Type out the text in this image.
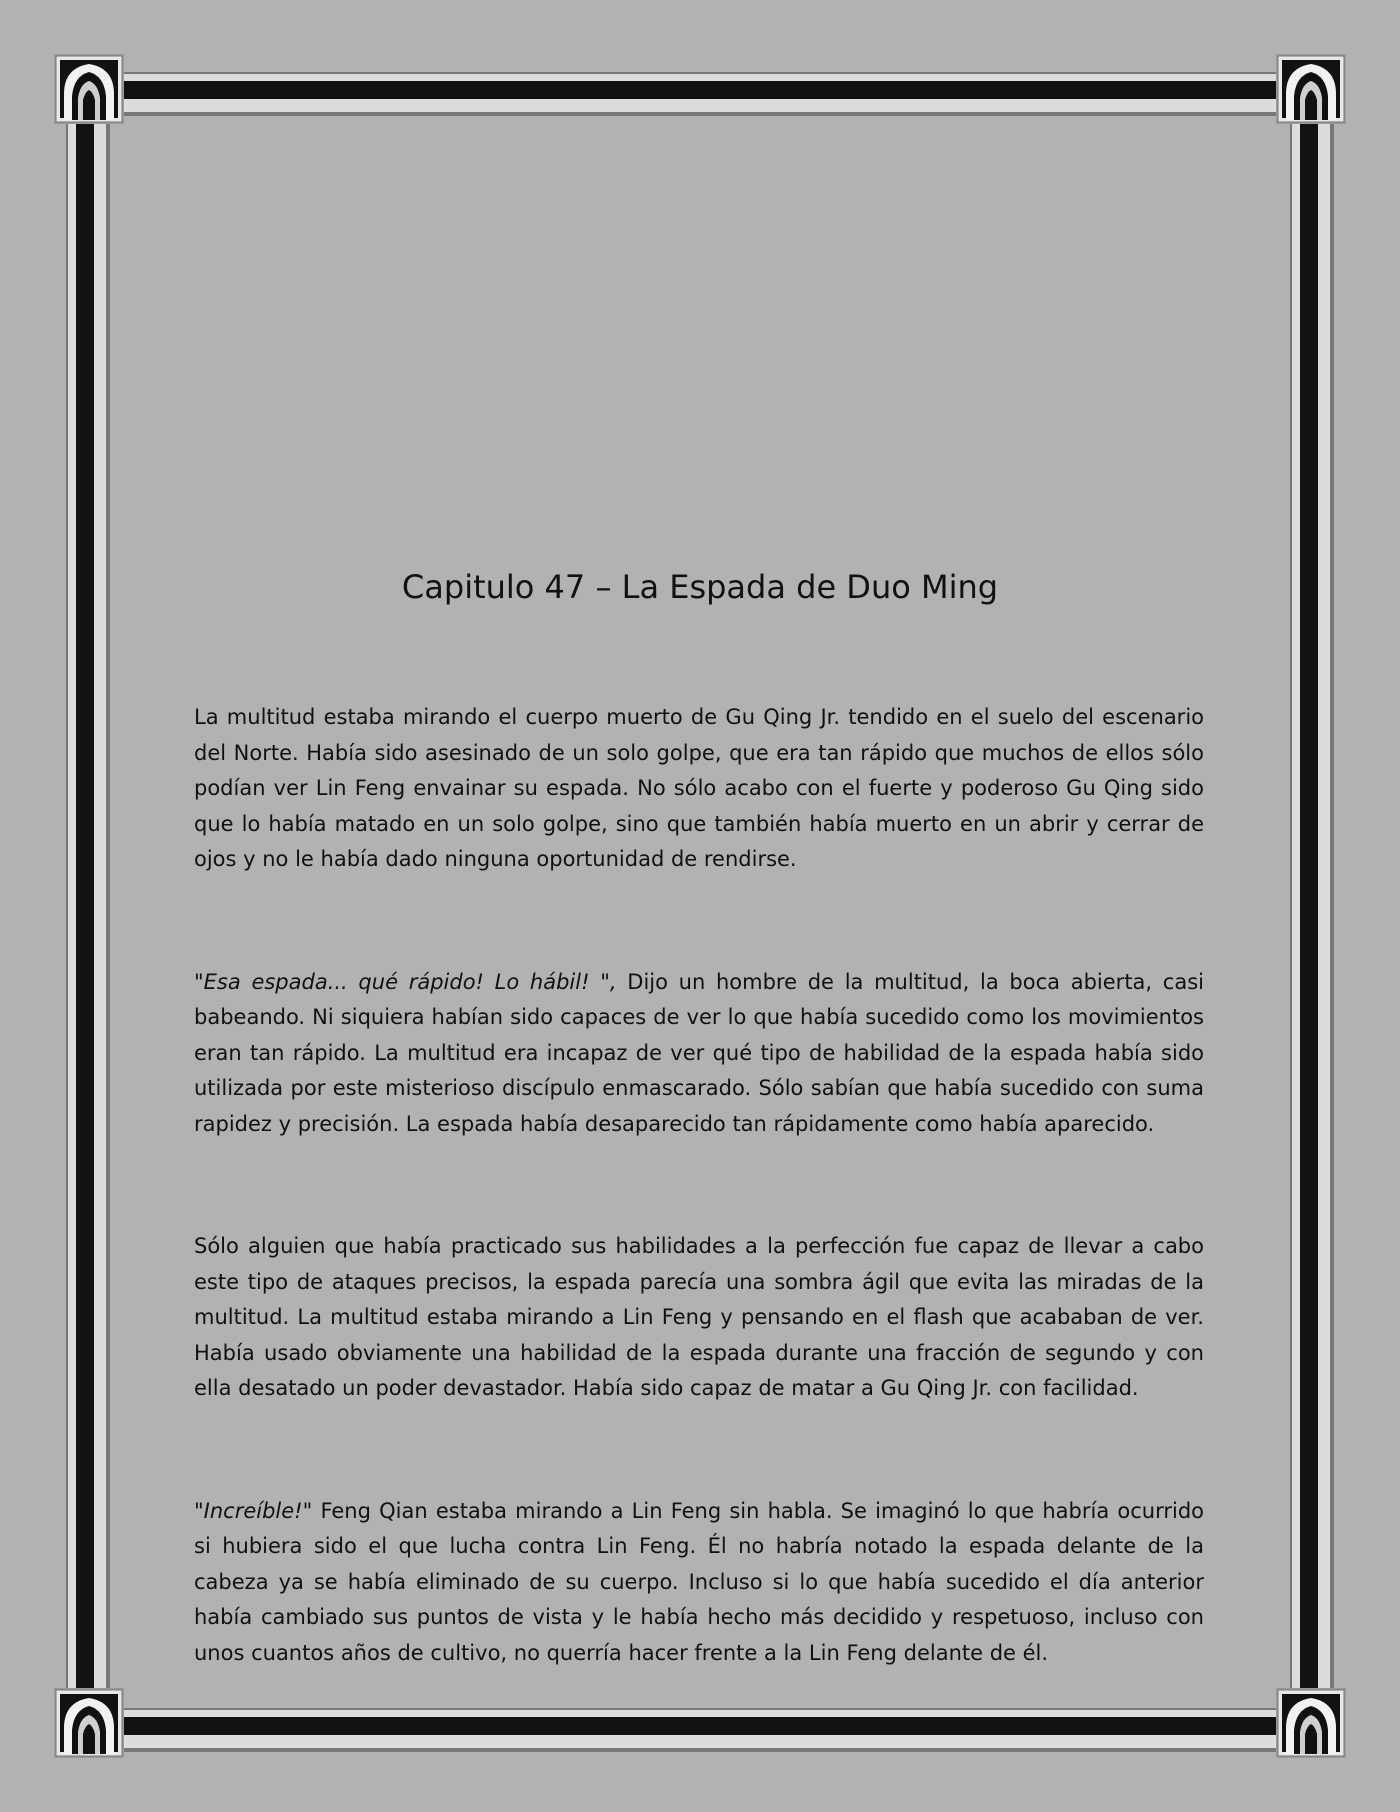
Capitulo 47 – La Espada de Duo Ming

La multitud estaba mirando el cuerpo muerto de Gu Qing Jr. tendido en el suelo del escenario del Norte. Había sido asesinado de un solo golpe, que era tan rápido que muchos de ellos sólo podían ver Lin Feng envainar su espada. No sólo acabo con el fuerte y poderoso Gu Qing sido que lo había matado en un solo golpe, sino que también había muerto en un abrir y cerrar de ojos y no le había dado ninguna oportunidad de rendirse.

"Esa espada... qué rápido! Lo hábil! ", Dijo un hombre de la multitud, la boca abierta, casi babeando. Ni siquiera habían sido capaces de ver lo que había sucedido como los movimientos eran tan rápido. La multitud era incapaz de ver qué tipo de habilidad de la espada había sido utilizada por este misterioso discípulo enmascarado. Sólo sabían que había sucedido con suma rapidez y precisión. La espada había desaparecido tan rápidamente como había aparecido.

Sólo alguien que había practicado sus habilidades a la perfección fue capaz de llevar a cabo este tipo de ataques precisos, la espada parecía una sombra ágil que evita las miradas de la multitud. La multitud estaba mirando a Lin Feng y pensando en el flash que acababan de ver. Había usado obviamente una habilidad de la espada durante una fracción de segundo y con ella desatado un poder devastador. Había sido capaz de matar a Gu Qing Jr. con facilidad.

"Increíble!" Feng Qian estaba mirando a Lin Feng sin habla. Se imaginó lo que habría ocurrido si hubiera sido el que lucha contra Lin Feng. Él no habría notado la espada delante de la cabeza ya se había eliminado de su cuerpo. Incluso si lo que había sucedido el día anterior había cambiado sus puntos de vista y le había hecho más decidido y respetuoso, incluso con unos cuantos años de cultivo, no querría hacer frente a la Lin Feng delante de él.
